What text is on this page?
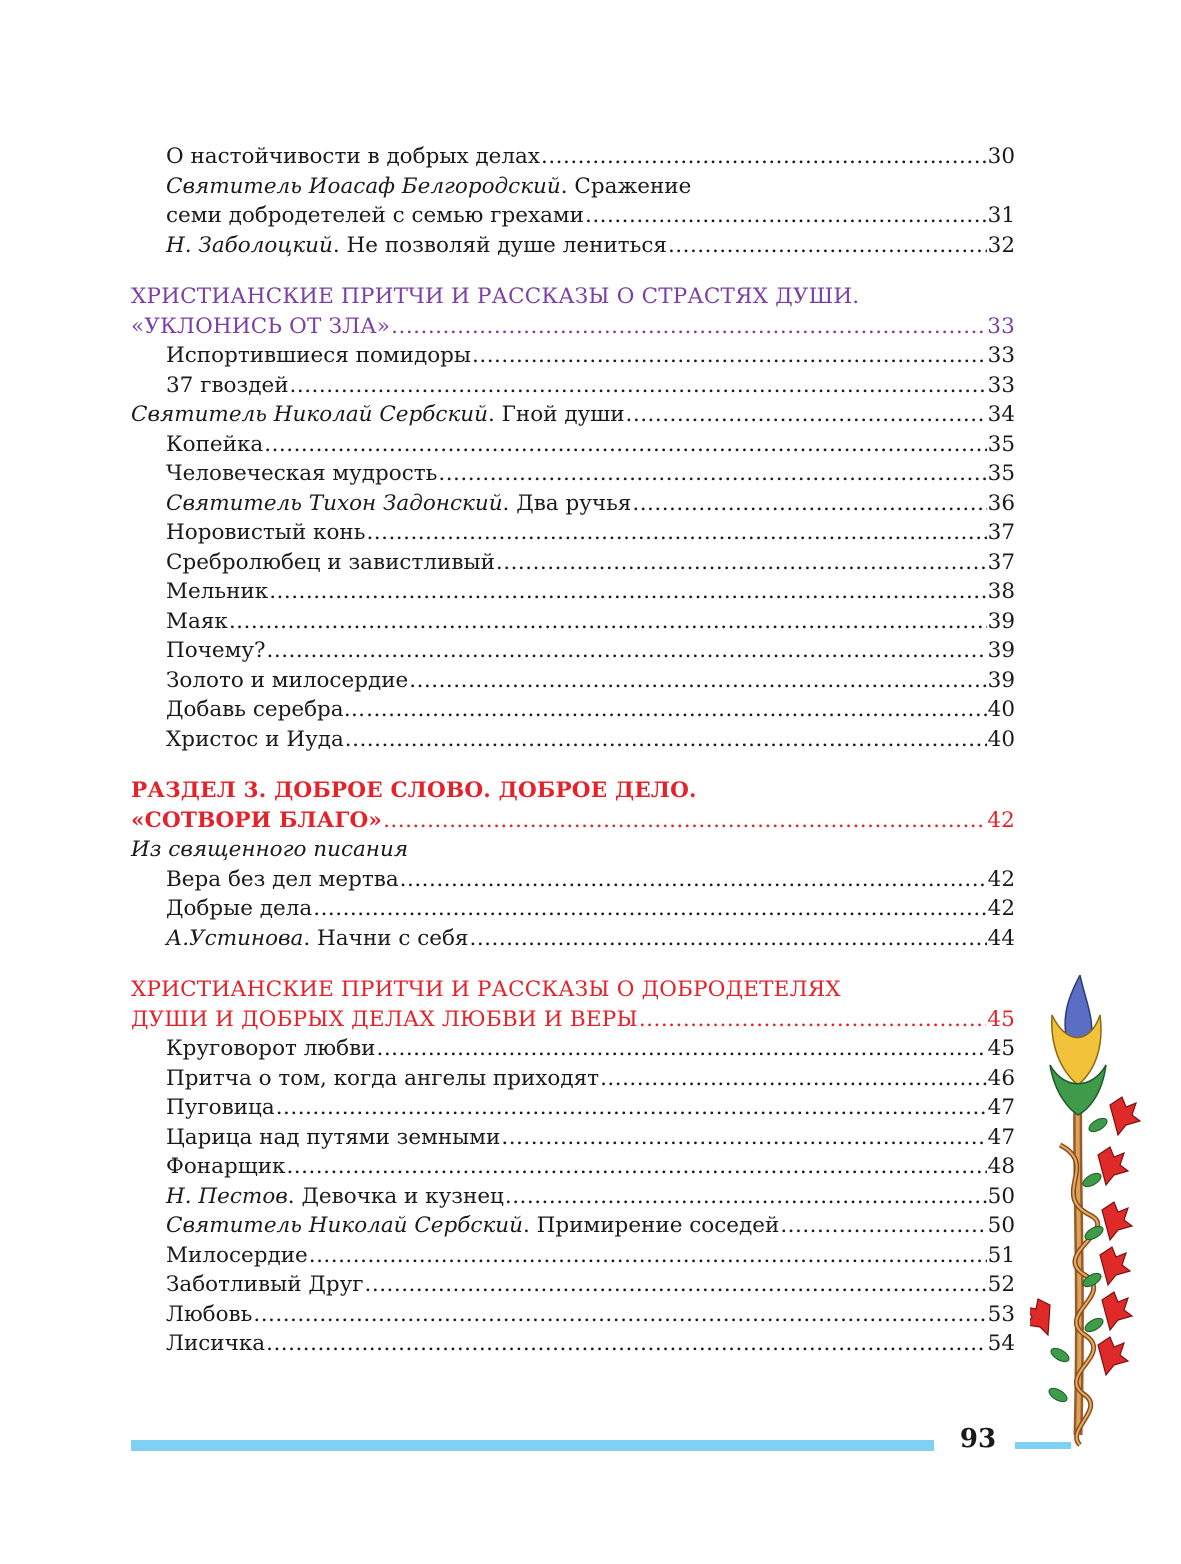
О настойчивости в добрых делах .....	30
Святитель Иоасаф Белгородский. Сражение
семи добродетелей с семью грехами .....	31
Н. Заболоцкий. Не позволяй душе лениться .....	32
ХРИСТИАНСКИЕ ПРИТЧИ И РАССКАЗЫ О СТРАСТЯХ ДУШИ.
«УКЛОНИСЬ ОТ ЗЛА» .....	33
Испортившиеся помидоры .....	33
37 гвоздей .....	33
Святитель Николай Сербский. Гной души .....	34
Копейка .....	35
Человеческая мудрость .....	35
Святитель Тихон Задонский. Два ручья .....	36
Норовистый конь .....	37
Сребролюбец и завистливый .....	37
Мельник .....	38
Маяк .....	39
Почему? .....	39
Золото и милосердие .....	39
Добавь серебра… .....	40
Христос и Иуда .....	40
РАЗДЕЛ 3. ДОБРОЕ СЛОВО. ДОБРОЕ ДЕЛО.
«СОТВОРИ БЛАГО» .....	42
Из священного писания
Вера без дел мертва .....	42
Добрые дела .....	42
А.Устинова. Начни с себя .....	44
ХРИСТИАНСКИЕ ПРИТЧИ И РАССКАЗЫ О ДОБРОДЕТЕЛЯХ
ДУШИ И ДОБРЫХ ДЕЛАХ ЛЮБВИ И ВЕРЫ .....	45
Круговорот любви .....	45
Притча о том, когда ангелы приходят .....	46
Пуговица .....	47
Царица над путями земными .....	47
Фонарщик .....	48
Н. Пестов. Девочка и кузнец .....	50
Святитель Николай Сербский. Примирение соседей .....	50
Милосердие .....	51
Заботливый Друг .....	52
Любовь .....	53
Лисичка .....	54
93
